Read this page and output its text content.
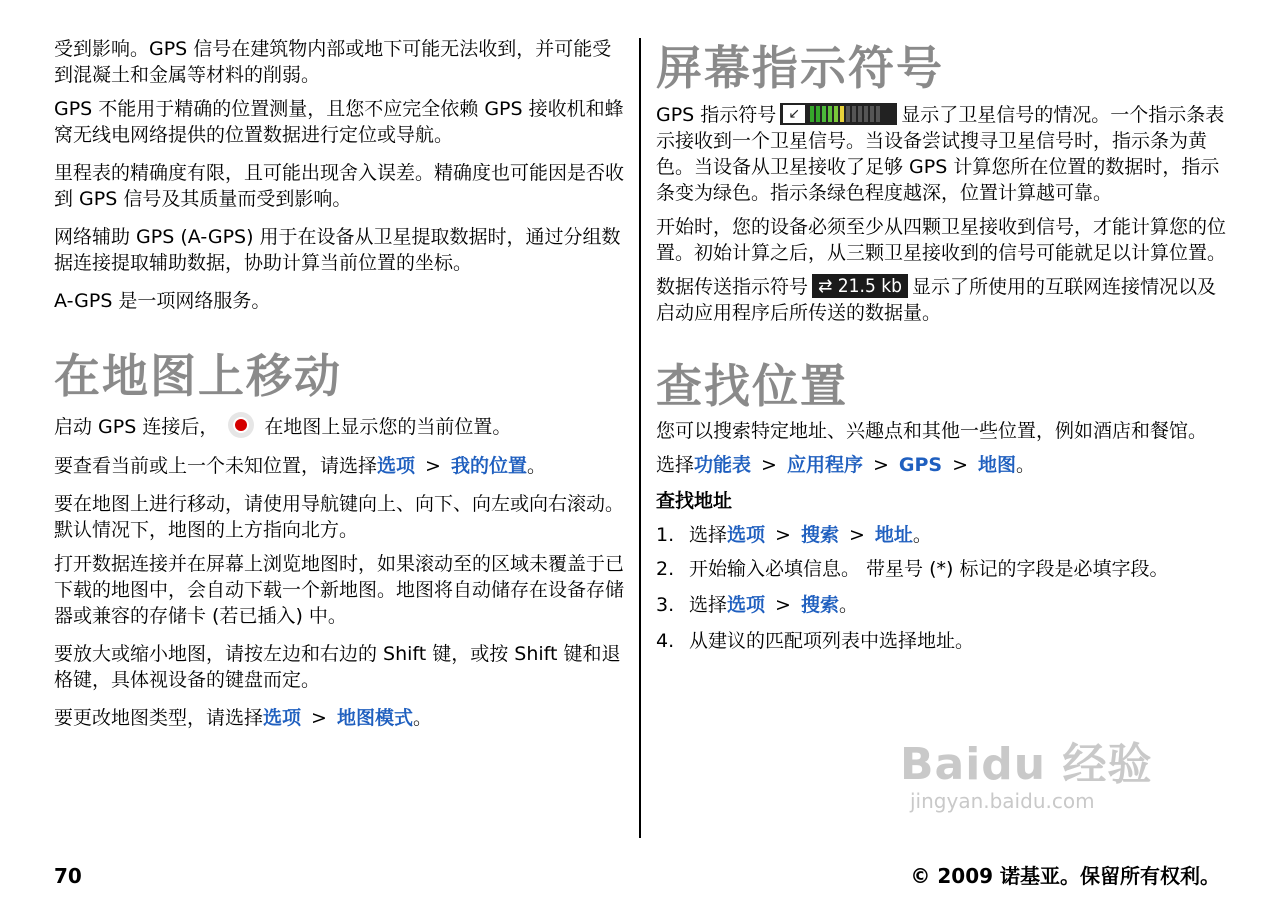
受到影响。GPS 信号在建筑物内部或地下可能无法收到，并可能受到混凝土和金属等材料的削弱。

GPS 不能用于精确的位置测量，且您不应完全依赖 GPS 接收机和蜂窝无线电网络提供的位置数据进行定位或导航。

里程表的精确度有限，且可能出现舍入误差。精确度也可能因是否收到 GPS 信号及其质量而受到影响。

网络辅助 GPS (A-GPS) 用于在设备从卫星提取数据时，通过分组数据连接提取辅助数据，协助计算当前位置的坐标。

A-GPS 是一项网络服务。

在地图上移动

启动 GPS 连接后， 在地图上显示您的当前位置。

要查看当前或上一个未知位置，请选择选项 > 我的位置。

要在地图上进行移动，请使用导航键向上、向下、向左或向右滚动。默认情况下，地图的上方指向北方。

打开数据连接并在屏幕上浏览地图时，如果滚动至的区域未覆盖于已下载的地图中，会自动下载一个新地图。地图将自动储存在设备存储器或兼容的存储卡 (若已插入) 中。

要放大或缩小地图，请按左边和右边的 Shift 键，或按 Shift 键和退格键，具体视设备的键盘而定。

要更改地图类型，请选择选项 > 地图模式。

屏幕指示符号

GPS 指示符号 ↙	显示了卫星信号的情况。一个指示条表示接收到一个卫星信号。当设备尝试搜寻卫星信号时，指示条为黄色。当设备从卫星接收了足够 GPS 计算您所在位置的数据时，指示条变为绿色。指示条绿色程度越深，位置计算越可靠。

开始时，您的设备必须至少从四颗卫星接收到信号，才能计算您的位置。初始计算之后，从三颗卫星接收到的信号可能就足以计算位置。

数据传送指示符号 ⇄ 21.5 kb 显示了所使用的互联网连接情况以及启动应用程序后所传送的数据量。

查找位置

您可以搜索特定地址、兴趣点和其他一些位置，例如酒店和餐馆。

选择功能表 > 应用程序 > GPS > 地图。

查找地址

1. 选择选项 > 搜索 > 地址。
2. 开始输入必填信息。 带星号 (*) 标记的字段是必填字段。
3. 选择选项 > 搜索。
4. 从建议的匹配项列表中选择地址。
Baidu 经验
jingyan.baidu.com
70	© 2009 诺基亚。保留所有权利。
